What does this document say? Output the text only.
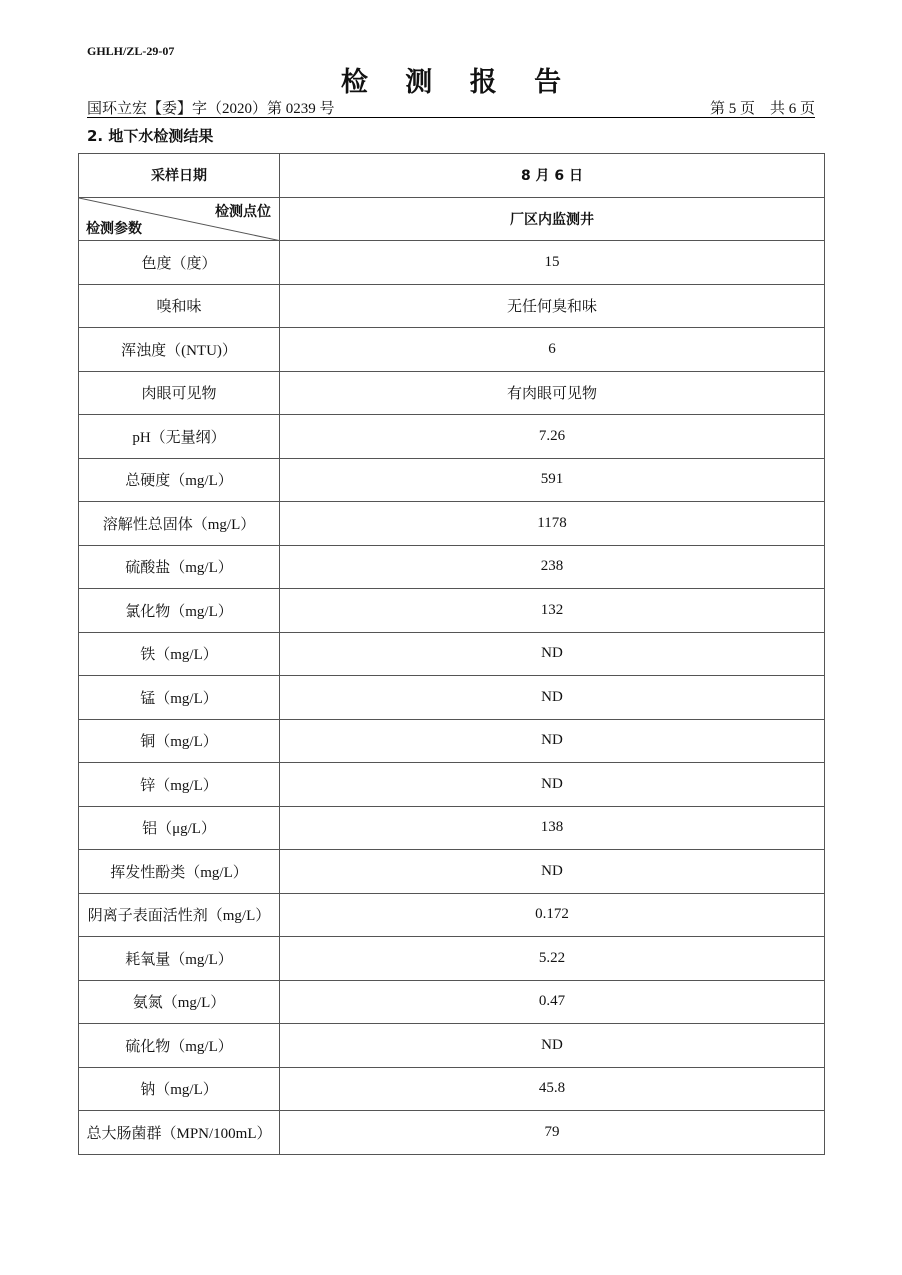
GHLH/ZL-29-07
检 测 报 告
国环立宏【委】字（2020）第 0239 号	第 5 页　共 6 页
2. 地下水检测结果
采样日期	8 月 6 日

检测点位
检测参数	厂区内监测井
色度（度）	15
嗅和味	无任何臭和味
浑浊度（(NTU)）	6
肉眼可见物	有肉眼可见物
pH（无量纲）	7.26
总硬度（mg/L）	591
溶解性总固体（mg/L）	1178
硫酸盐（mg/L）	238
氯化物（mg/L）	132
铁（mg/L）	ND
锰（mg/L）	ND
铜（mg/L）	ND
锌（mg/L）	ND
铝（μg/L）	138
挥发性酚类（mg/L）	ND
阴离子表面活性剂（mg/L）	0.172
耗氧量（mg/L）	5.22
氨氮（mg/L）	0.47
硫化物（mg/L）	ND
钠（mg/L）	45.8
总大肠菌群（MPN/100mL）	79
